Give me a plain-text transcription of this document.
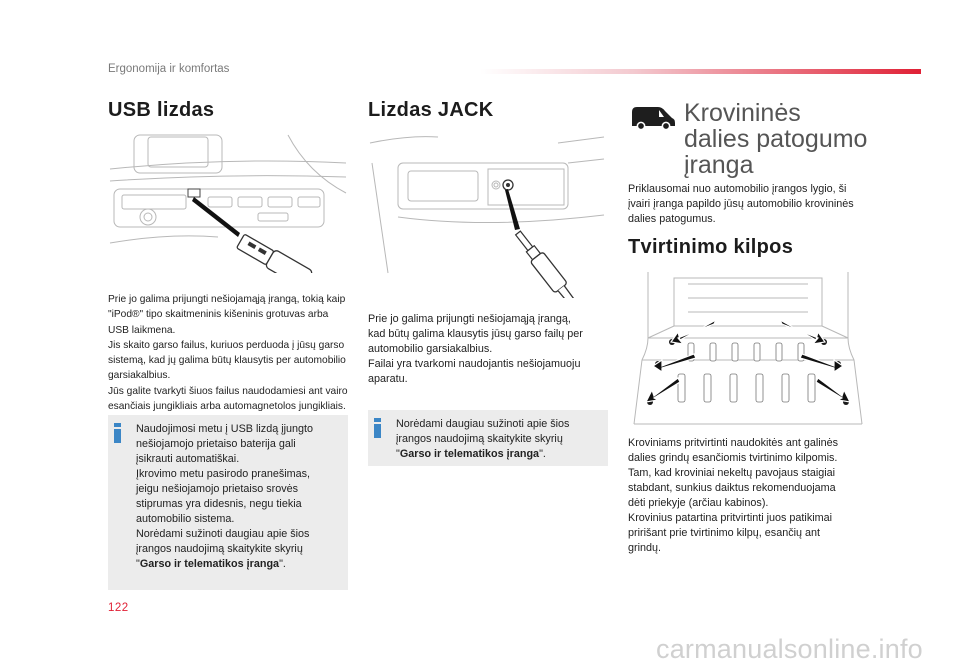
Ergonomija ir komfortas
USB lizdas

Prie jo galima prijungti nešiojamąją įrangą, tokią kaip

"iPod®" tipo skaitmeninis kišeninis grotuvas arba

USB laikmena.

Jis skaito garso failus, kuriuos perduoda į jūsų garso

sistemą, kad jų galima būtų klausytis per automobilio

garsiakalbius.

Jūs galite tvarkyti šiuos failus naudodamiesi ant vairo

esančiais jungikliais arba automagnetolos jungikliais.

Naudojimosi metu į USB lizdą įjungto

nešiojamojo prietaiso baterija gali

įsikrauti automatiškai.

Įkrovimo metu pasirodo pranešimas,

jeigu nešiojamojo prietaiso srovės

stiprumas yra didesnis, negu tiekia

automobilio sistema.

Norėdami sužinoti daugiau apie šios

įrangos naudojimą skaitykite skyrių

"Garso ir telematikos įranga".

Lizdas JACK

Prie jo galima prijungti nešiojamąją įrangą,

kad būtų galima klausytis jūsų garso failų per

automobilio garsiakalbius.

Failai yra tvarkomi naudojantis nešiojamuoju

aparatu.

Norėdami daugiau sužinoti apie šios

įrangos naudojimą skaitykite skyrių

"Garso ir telematikos įranga".

Krovininės

dalies patogumo

įranga

Priklausomai nuo automobilio įrangos lygio, ši

įvairi įranga papildo jūsų automobilio krovininės

dalies patogumus.

Tvirtinimo kilpos

Kroviniams pritvirtinti naudokitės ant galinės

dalies grindų esančiomis tvirtinimo kilpomis.

Tam, kad kroviniai nekeltų pavojaus staigiai

stabdant, sunkius daiktus rekomenduojama

dėti priekyje (arčiau kabinos).

Krovinius patartina pritvirtinti juos patikimai

pririšant prie tvirtinimo kilpų, esančių ant

grindų.

122
carmanualsonline.info
